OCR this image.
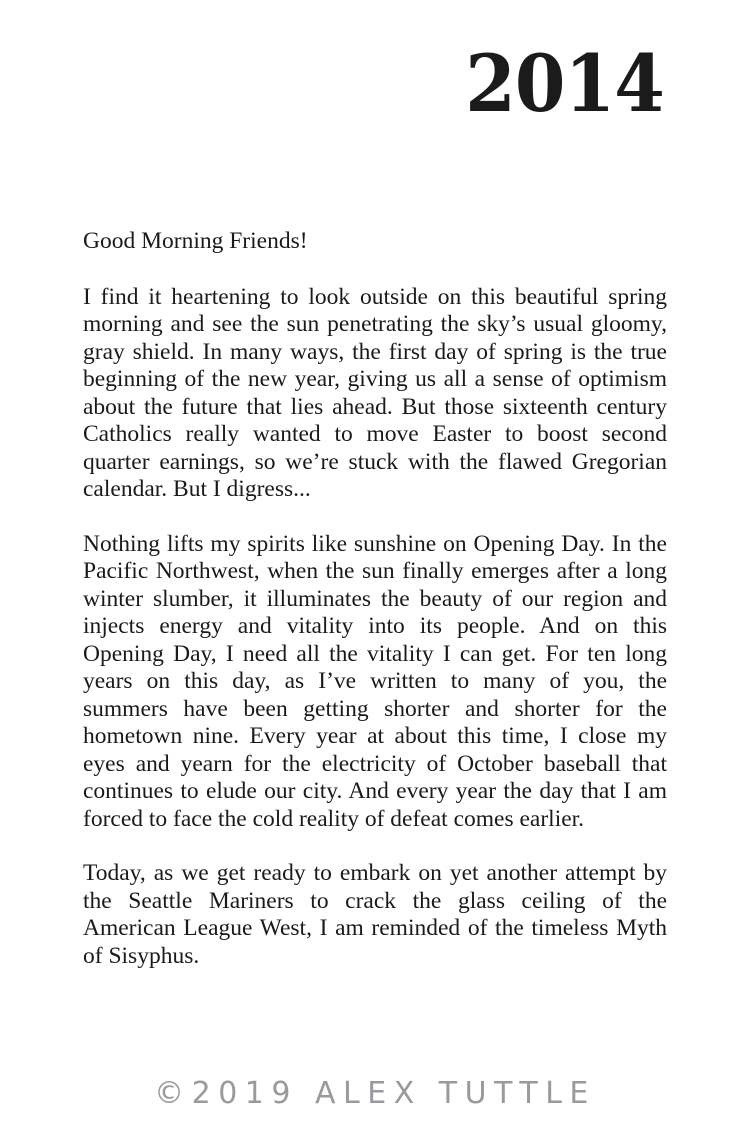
2014

Good Morning Friends!

I find it heartening to look outside on this beautiful spring morning and see the sun penetrating the sky’s usual gloomy, gray shield. In many ways, the first day of spring is the true beginning of the new year, giving us all a sense of optimism about the future that lies ahead. But those sixteenth century Catholics really wanted to move Easter to boost second quarter earnings, so we’re stuck with the flawed Gregorian calendar. But I digress...

Nothing lifts my spirits like sunshine on Opening Day. In the Pacific Northwest, when the sun finally emerges after a long winter slumber, it illuminates the beauty of our region and injects energy and vitality into its people. And on this Opening Day, I need all the vitality I can get. For ten long years on this day, as I’ve written to many of you, the summers have been getting shorter and shorter for the hometown nine. Every year at about this time, I close my eyes and yearn for the electricity of October baseball that continues to elude our city. And every year the day that I am forced to face the cold reality of defeat comes earlier.

Today, as we get ready to embark on yet another attempt by the Seattle Mariners to crack the glass ceiling of the American League West, I am reminded of the timeless Myth of Sisyphus.

©2019 ALEX TUTTLE
